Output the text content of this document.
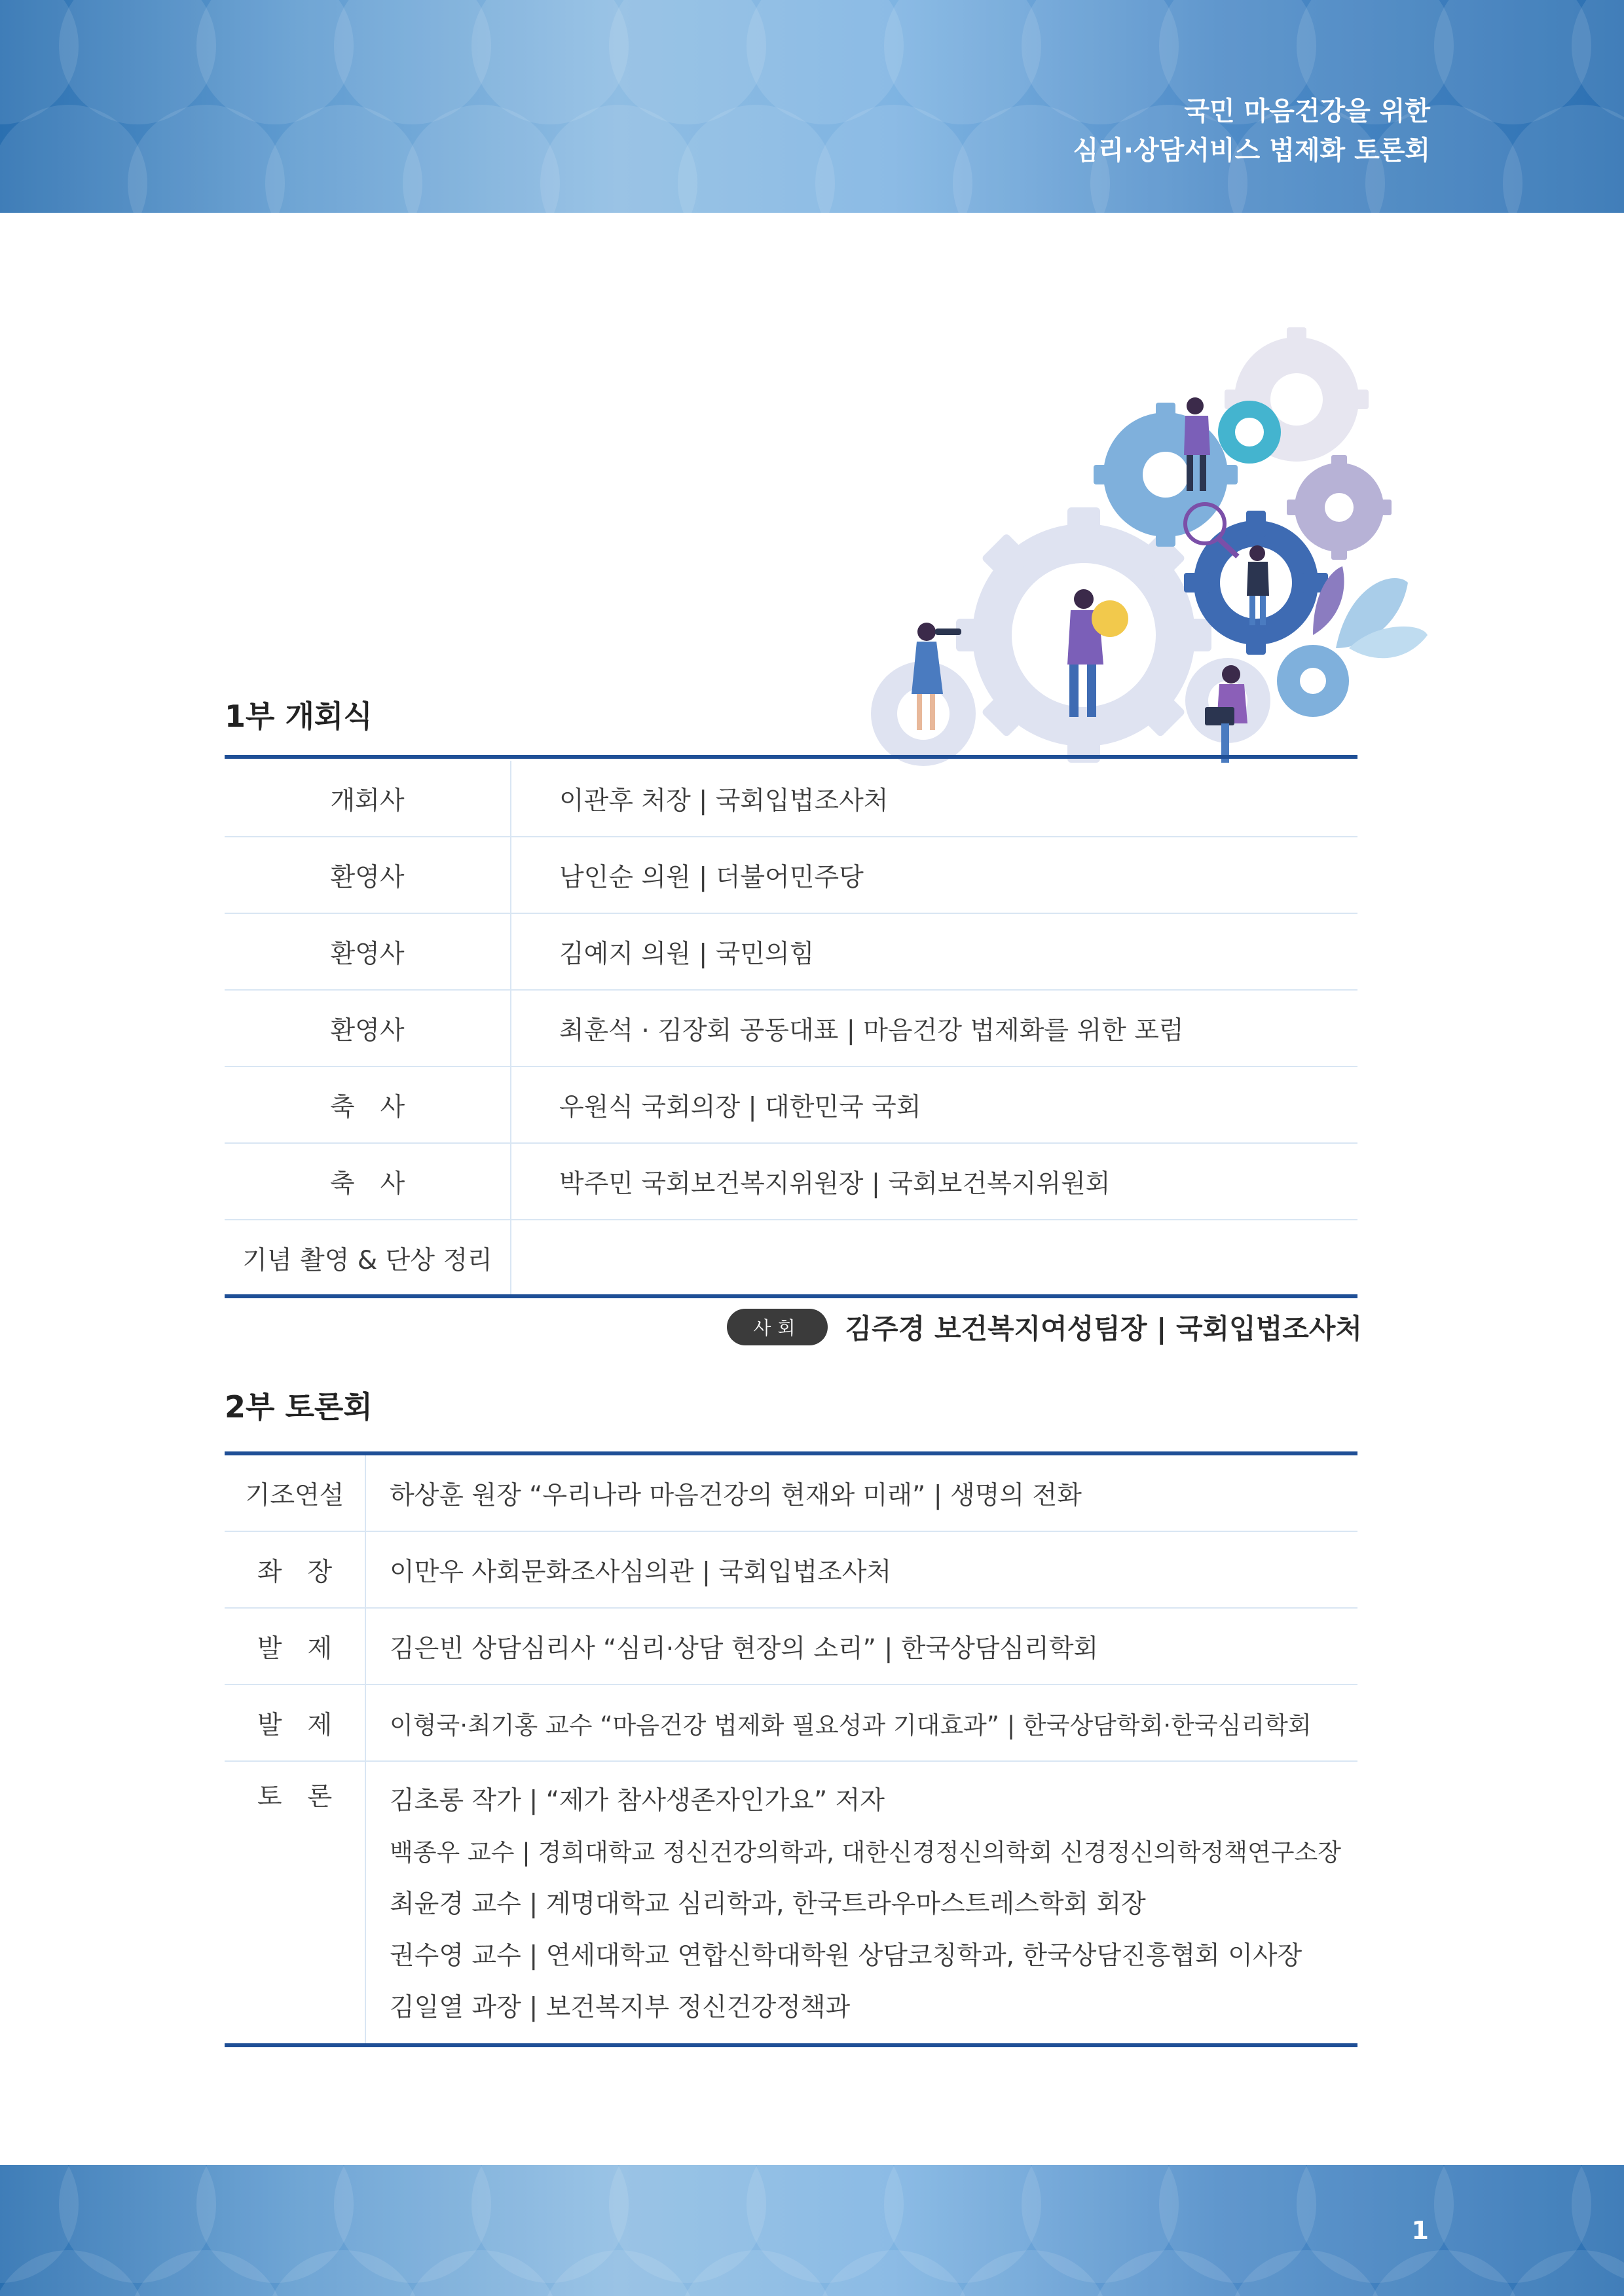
국민 마음건강을 위한
심리·상담서비스 법제화 토론회
1부 개회식
개회사	이관후 처장 | 국회입법조사처
환영사	남인순 의원 | 더불어민주당
환영사	김예지 의원 | 국민의힘
환영사	최훈석 · 김장회 공동대표 | 마음건강 법제화를 위한 포럼
축　사	우원식 국회의장 | 대한민국 국회
축　사	박주민 국회보건복지위원장 | 국회보건복지위원회
기념 촬영 & 단상 정리	
사회	김주경 보건복지여성팀장 | 국회입법조사처
2부 토론회
기조연설	하상훈 원장 “우리나라 마음건강의 현재와 미래” | 생명의 전화
좌　장	이만우 사회문화조사심의관 | 국회입법조사처
발　제	김은빈 상담심리사 “심리·상담 현장의 소리” | 한국상담심리학회
발　제	이형국·최기홍 교수 “마음건강 법제화 필요성과 기대효과” | 한국상담학회·한국심리학회
토　론	김초롱 작가 | “제가 참사생존자인가요” 저자
백종우 교수 | 경희대학교 정신건강의학과, 대한신경정신의학회 신경정신의학정책연구소장
최윤경 교수 | 계명대학교 심리학과, 한국트라우마스트레스학회 회장
권수영 교수 | 연세대학교 연합신학대학원 상담코칭학과, 한국상담진흥협회 이사장
김일열 과장 | 보건복지부 정신건강정책과
1
